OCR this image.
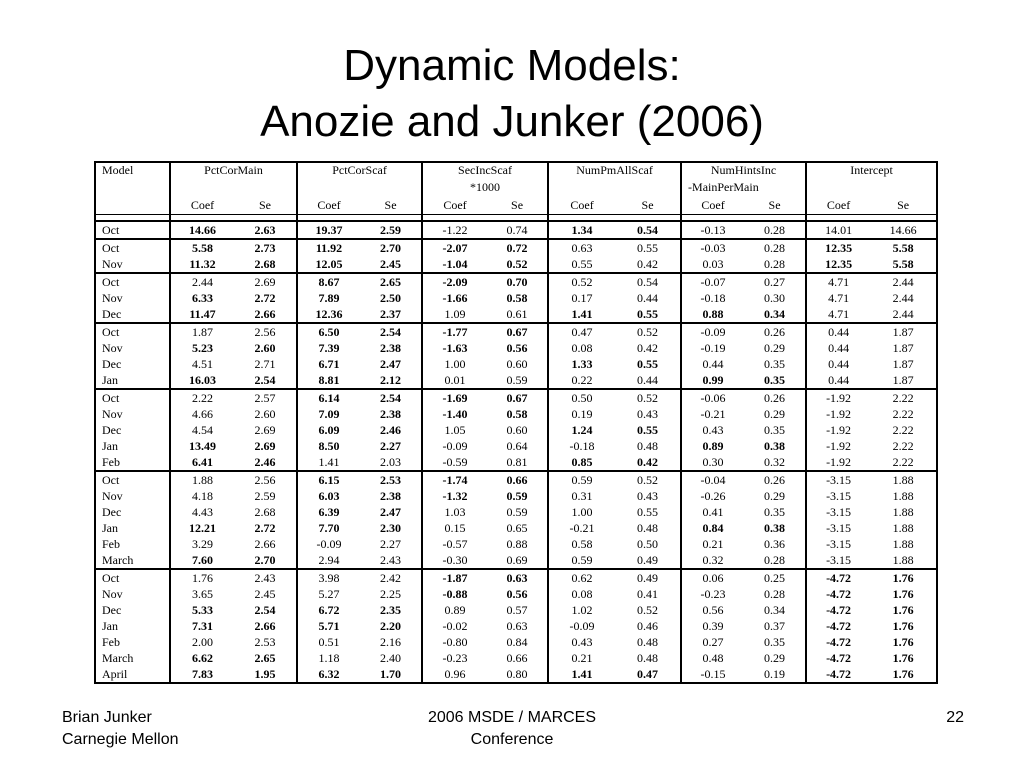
Dynamic Models:
Anozie and Junker (2006)
Model	PctCorMain		PctCorScaf		SecIncScaf		NumPmAllScaf		NumHintsInc		Intercept	
					*1000				-MainPerMain			
	Coef	Se	Coef	Se	Coef	Se	Coef	Se	Coef	Se	Coef	Se

Oct	14.66	2.63	19.37	2.59	-1.22	0.74	1.34	0.54	-0.13	0.28	14.01	14.66
Oct	5.58	2.73	11.92	2.70	-2.07	0.72	0.63	0.55	-0.03	0.28	12.35	5.58
Nov	11.32	2.68	12.05	2.45	-1.04	0.52	0.55	0.42	0.03	0.28	12.35	5.58
Oct	2.44	2.69	8.67	2.65	-2.09	0.70	0.52	0.54	-0.07	0.27	4.71	2.44
Nov	6.33	2.72	7.89	2.50	-1.66	0.58	0.17	0.44	-0.18	0.30	4.71	2.44
Dec	11.47	2.66	12.36	2.37	1.09	0.61	1.41	0.55	0.88	0.34	4.71	2.44
Oct	1.87	2.56	6.50	2.54	-1.77	0.67	0.47	0.52	-0.09	0.26	0.44	1.87
Nov	5.23	2.60	7.39	2.38	-1.63	0.56	0.08	0.42	-0.19	0.29	0.44	1.87
Dec	4.51	2.71	6.71	2.47	1.00	0.60	1.33	0.55	0.44	0.35	0.44	1.87
Jan	16.03	2.54	8.81	2.12	0.01	0.59	0.22	0.44	0.99	0.35	0.44	1.87
Oct	2.22	2.57	6.14	2.54	-1.69	0.67	0.50	0.52	-0.06	0.26	-1.92	2.22
Nov	4.66	2.60	7.09	2.38	-1.40	0.58	0.19	0.43	-0.21	0.29	-1.92	2.22
Dec	4.54	2.69	6.09	2.46	1.05	0.60	1.24	0.55	0.43	0.35	-1.92	2.22
Jan	13.49	2.69	8.50	2.27	-0.09	0.64	-0.18	0.48	0.89	0.38	-1.92	2.22
Feb	6.41	2.46	1.41	2.03	-0.59	0.81	0.85	0.42	0.30	0.32	-1.92	2.22
Oct	1.88	2.56	6.15	2.53	-1.74	0.66	0.59	0.52	-0.04	0.26	-3.15	1.88
Nov	4.18	2.59	6.03	2.38	-1.32	0.59	0.31	0.43	-0.26	0.29	-3.15	1.88
Dec	4.43	2.68	6.39	2.47	1.03	0.59	1.00	0.55	0.41	0.35	-3.15	1.88
Jan	12.21	2.72	7.70	2.30	0.15	0.65	-0.21	0.48	0.84	0.38	-3.15	1.88
Feb	3.29	2.66	-0.09	2.27	-0.57	0.88	0.58	0.50	0.21	0.36	-3.15	1.88
March	7.60	2.70	2.94	2.43	-0.30	0.69	0.59	0.49	0.32	0.28	-3.15	1.88
Oct	1.76	2.43	3.98	2.42	-1.87	0.63	0.62	0.49	0.06	0.25	-4.72	1.76
Nov	3.65	2.45	5.27	2.25	-0.88	0.56	0.08	0.41	-0.23	0.28	-4.72	1.76
Dec	5.33	2.54	6.72	2.35	0.89	0.57	1.02	0.52	0.56	0.34	-4.72	1.76
Jan	7.31	2.66	5.71	2.20	-0.02	0.63	-0.09	0.46	0.39	0.37	-4.72	1.76
Feb	2.00	2.53	0.51	2.16	-0.80	0.84	0.43	0.48	0.27	0.35	-4.72	1.76
March	6.62	2.65	1.18	2.40	-0.23	0.66	0.21	0.48	0.48	0.29	-4.72	1.76
April	7.83	1.95	6.32	1.70	0.96	0.80	1.41	0.47	-0.15	0.19	-4.72	1.76
Brian Junker
Carnegie Mellon
2006 MSDE / MARCES
Conference
22
